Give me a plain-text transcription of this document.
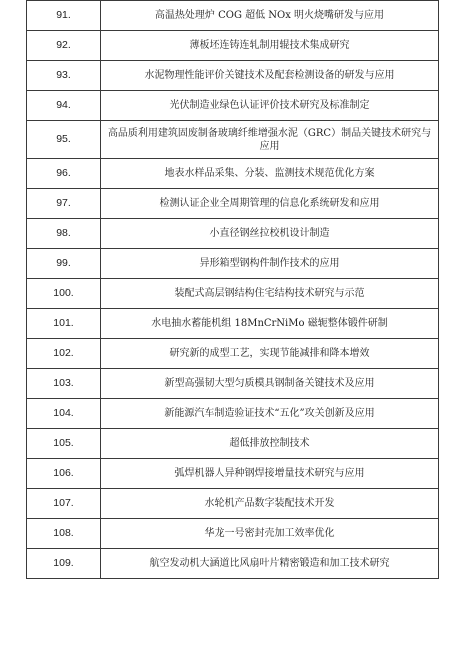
91.	高温热处理炉 COG 超低 NOx 明火烧嘴研发与应用
92.	薄板坯连铸连轧制用辊技术集成研究
93.	水泥物理性能评价关键技术及配套检测设备的研发与应用
94.	光伏制造业绿色认证评价技术研究及标准制定
95.	高品质利用建筑固废制备玻璃纤维增强水泥（GRC）制品关键技术研究与应用
96.	地表水样品采集、分装、监测技术规范优化方案
97.	检测认证企业全周期管理的信息化系统研发和应用
98.	小直径钢丝拉校机设计制造
99.	异形箱型钢构件制作技术的应用
100.	装配式高层钢结构住宅结构技术研究与示范
101.	水电抽水蓄能机组 18MnCrNiMo 磁轭整体锻件研制
102.	研究新的成型工艺，实现节能减排和降本增效
103.	新型高强韧大型匀质模具钢制备关键技术及应用
104.	新能源汽车制造验证技术“五化”攻关创新及应用
105.	超低排放控制技术
106.	弧焊机器人异种钢焊接增量技术研究与应用
107.	水轮机产品数字装配技术开发
108.	华龙一号密封壳加工效率优化
109.	航空发动机大涵道比风扇叶片精密锻造和加工技术研究
